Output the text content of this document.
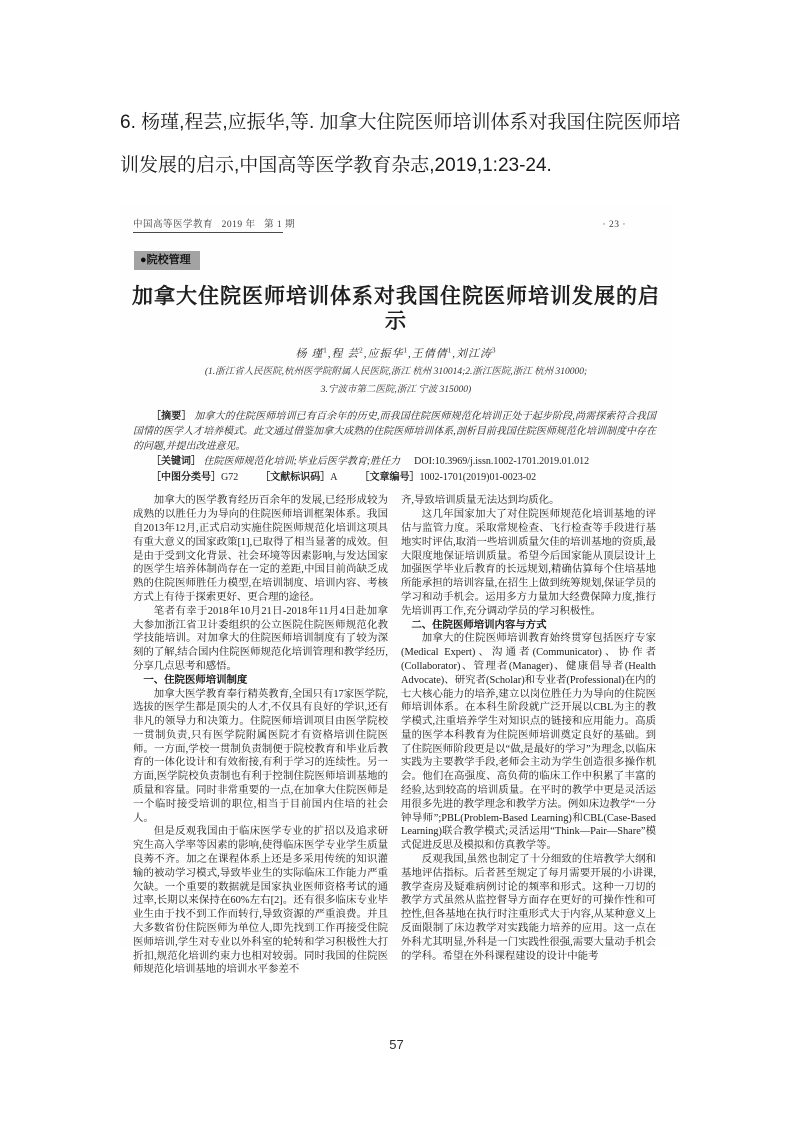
6. 杨瑾,程芸,应振华,等. 加拿大住院医师培训体系对我国住院医师培训发展的启示,中国高等医学教育杂志,2019,1:23-24.
中国高等医学教育 2019 年 第 1 期	· 23 ·
●院校管理
加拿大住院医师培训体系对我国住院医师培训发展的启示
杨 瑾$^1$,程 芸$^2$,应振华$^1$,王倩倩$^1$,刘江涛$^3$
(1.浙江省人民医院,杭州医学院附属人民医院,浙江 杭州 310014;2.浙江医院,浙江 杭州 310000;
3.宁波市第二医院,浙江 宁波 315000)
［摘要］ 加拿大的住院医师培训已有百余年的历史,而我国住院医师规范化培训正处于起步阶段,尚需探索符合我国国情的医学人才培养模式。此文通过借鉴加拿大成熟的住院医师培训体系,剖析目前我国住院医师规范化培训制度中存在的问题,并提出改进意见。
［关键词］ 住院医师规范化培训;毕业后医学教育;胜任力 DOI:10.3969/j.issn.1002-1701.2019.01.012
［中图分类号］G72 ［文献标识码］A ［文章编号］1002-1701(2019)01-0023-02
加拿大的医学教育经历百余年的发展,已经形成较为成熟的以胜任力为导向的住院医师培训框架体系。我国自2013年12月,正式启动实施住院医师规范化培训这项具有重大意义的国家政策[1],已取得了相当显著的成效。但是由于受到文化背景、社会环境等因素影响,与发达国家的医学生培养体制尚存在一定的差距,中国目前尚缺乏成熟的住院医师胜任力模型,在培训制度、培训内容、考核方式上有待于探索更好、更合理的途径。
笔者有幸于2018年10月21日-2018年11月4日赴加拿大参加浙江省卫计委组织的公立医院住院医师规范化教学技能培训。对加拿大的住院医师培训制度有了较为深刻的了解,结合国内住院医师规范化培训管理和教学经历,分享几点思考和感悟。
一、住院医师培训制度
加拿大医学教育奉行精英教育,全国只有17家医学院,选拔的医学生都是顶尖的人才,不仅具有良好的学识,还有非凡的领导力和决策力。住院医师培训项目由医学院校一贯制负责,只有医学院附属医院才有资格培训住院医师。一方面,学校一贯制负责制便于院校教育和毕业后教育的一体化设计和有效衔接,有利于学习的连续性。另一方面,医学院校负责制也有利于控制住院医师培训基地的质量和容量。同时非常重要的一点,在加拿大住院医师是一个临时接受培训的职位,相当于目前国内住培的社会人。
但是反观我国由于临床医学专业的扩招以及追求研究生高入学率等因素的影响,使得临床医学专业学生质量良莠不齐。加之在课程体系上还是多采用传统的知识灌输的被动学习模式,导致毕业生的实际临床工作能力严重欠缺。一个重要的数据就是国家执业医师资格考试的通过率,长期以来保持在60%左右[2]。还有很多临床专业毕业生由于找不到工作而转行,导致资源的严重浪费。并且大多数省份住院医师为单位人,即先找到工作再接受住院医师培训,学生对专业以外科室的轮转和学习积极性大打折扣,规范化培训约束力也相对较弱。同时我国的住院医师规范化培训基地的培训水平参差不
齐,导致培训质量无法达到均质化。
这几年国家加大了对住院医师规范化培训基地的评估与监管力度。采取常规检查、飞行检查等手段进行基地实时评估,取消一些培训质量欠佳的培训基地的资质,最大限度地保证培训质量。希望今后国家能从顶层设计上加强医学毕业后教育的长远规划,精确估算每个住培基地所能承担的培训容量,在招生上做到统筹规划,保证学员的学习和动手机会。运用多方力量加大经费保障力度,推行先培训再工作,充分调动学员的学习积极性。
二、住院医师培训内容与方式
加拿大的住院医师培训教育始终贯穿包括医疗专家(Medical Expert)、沟通者(Communicator)、协作者(Collaborator)、管理者(Manager)、健康倡导者(Health Advocate)、研究者(Scholar)和专业者(Professional)在内的七大核心能力的培养,建立以岗位胜任力为导向的住院医师培训体系。在本科生阶段就广泛开展以CBL为主的教学模式,注重培养学生对知识点的链接和应用能力。高质量的医学本科教育为住院医师培训奠定良好的基础。到了住院医师阶段更是以“做,是最好的学习”为理念,以临床实践为主要教学手段,老师会主动为学生创造很多操作机会。他们在高强度、高负荷的临床工作中积累了丰富的经验,达到较高的培训质量。在平时的教学中更是灵活运用很多先进的教学理念和教学方法。例如床边教学“一分钟导师”;PBL(Problem-Based Learning)和CBL(Case-Based Learning)联合教学模式;灵活运用“Think—Pair—Share”模式促进反思及模拟和仿真教学等。
反观我国,虽然也制定了十分细致的住培教学大纲和基地评估指标。后者甚至规定了每月需要开展的小讲课,教学查房及疑难病例讨论的频率和形式。这种一刀切的教学方式虽然从监控督导方面存在更好的可操作性和可控性,但各基地在执行时注重形式大于内容,从某种意义上反面限制了床边教学对实践能力培养的应用。这一点在外科尤其明显,外科是一门实践性很强,需要大量动手机会的学科。希望在外科课程建设的设计中能考
57
